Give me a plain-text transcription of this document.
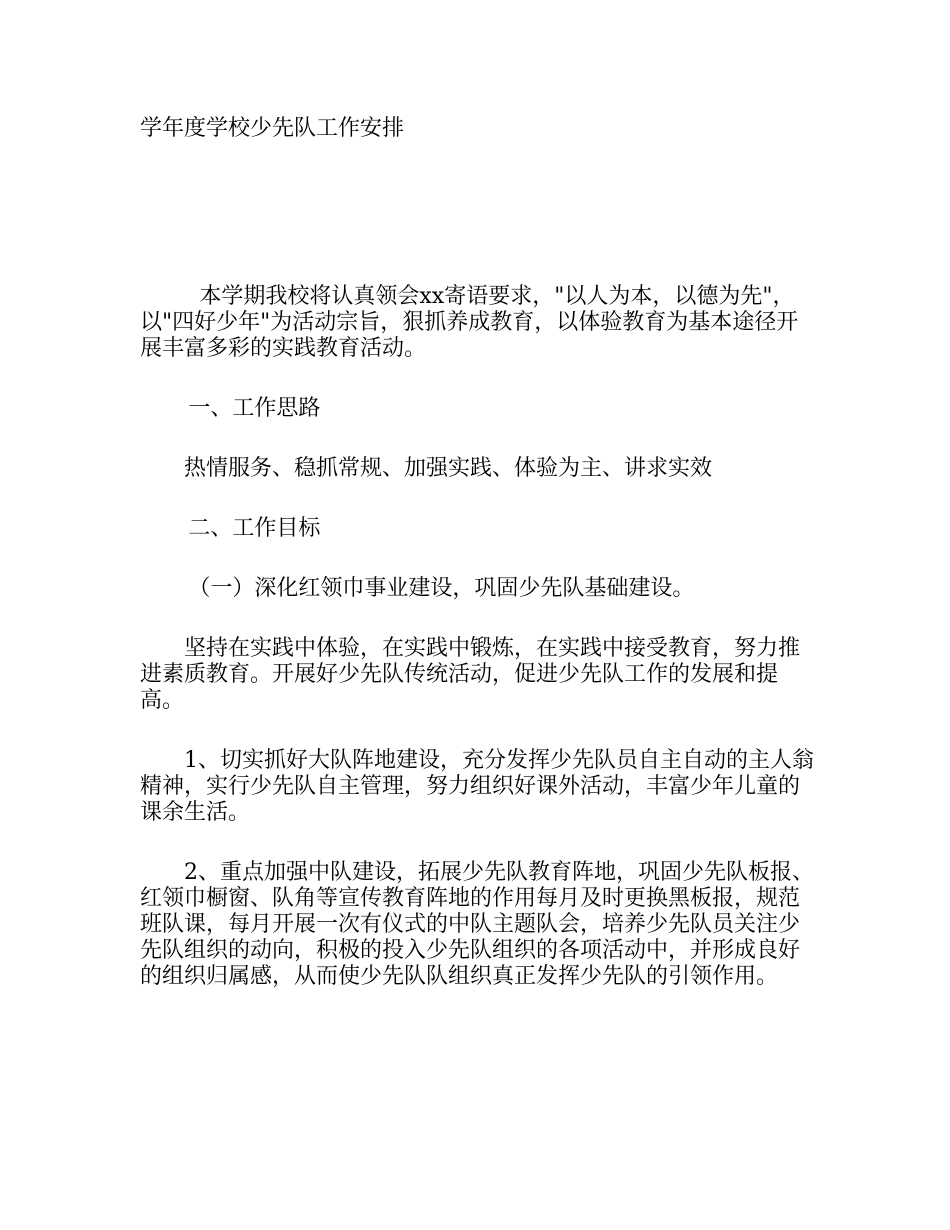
学年度学校少先队工作安排

本学期我校将认真领会xx寄语要求，"以人为本，以德为先"，以"四好少年"为活动宗旨，狠抓养成教育，以体验教育为基本途径开展丰富多彩的实践教育活动。

一、工作思路

热情服务、稳抓常规、加强实践、体验为主、讲求实效

二、工作目标

（一）深化红领巾事业建设，巩固少先队基础建设。

坚持在实践中体验，在实践中锻炼，在实践中接受教育，努力推进素质教育。开展好少先队传统活动，促进少先队工作的发展和提高。

1、切实抓好大队阵地建设，充分发挥少先队员自主自动的主人翁精神，实行少先队自主管理，努力组织好课外活动，丰富少年儿童的课余生活。

2、重点加强中队建设，拓展少先队教育阵地，巩固少先队板报、红领巾橱窗、队角等宣传教育阵地的作用每月及时更换黑板报，规范班队课，每月开展一次有仪式的中队主题队会，培养少先队员关注少先队组织的动向，积极的投入少先队组织的各项活动中，并形成良好的组织归属感，从而使少先队队组织真正发挥少先队的引领作用。
